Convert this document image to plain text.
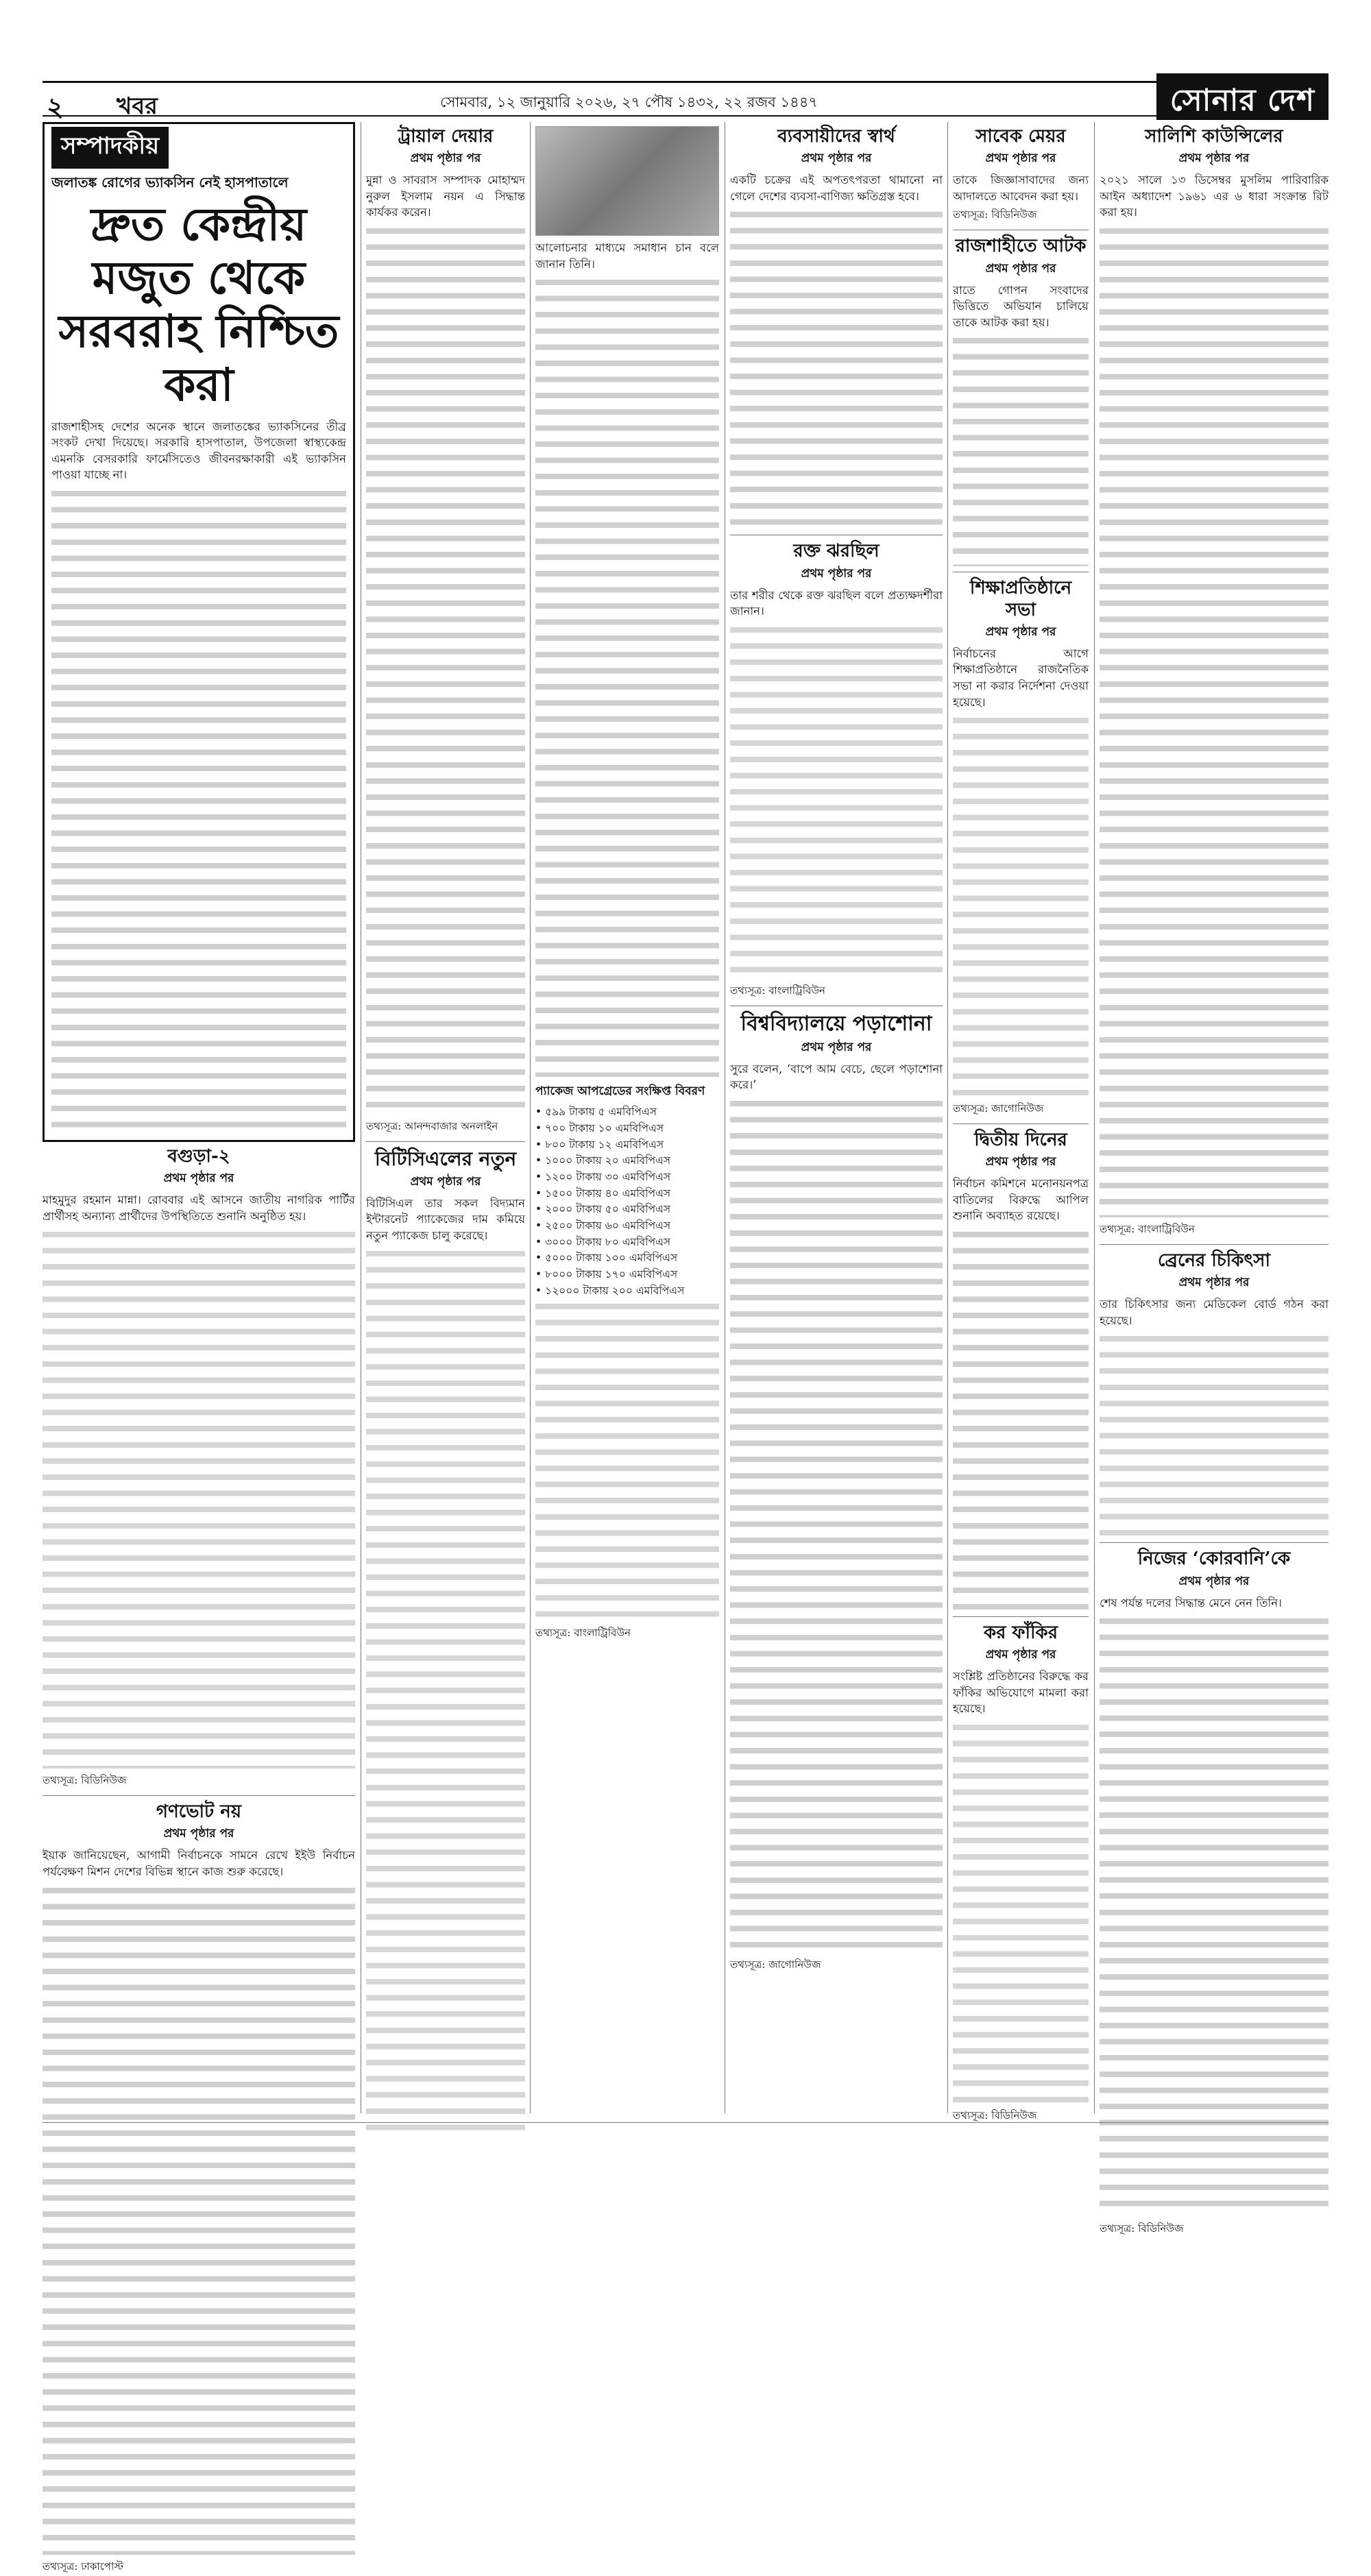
২ খবর	সোমবার, ১২ জানুয়ারি ২০২৬, ২৭ পৌষ ১৪৩২, ২২ রজব ১৪৪৭	সোনার দেশ
সম্পাদকীয়
জলাতঙ্ক রোগের ভ্যাকসিন নেই হাসপাতালে
দ্রুত কেন্দ্রীয় মজুত থেকে সরবরাহ নিশ্চিত করা

রাজশাহীসহ দেশের অনেক স্থানে জলাতঙ্কের ভ্যাকসিনের তীব্র সংকট দেখা দিয়েছে। সরকারি হাসপাতাল, উপজেলা স্বাস্থ্যকেন্দ্র এমনকি বেসরকারি ফার্মেসিতেও জীবনরক্ষাকারী এই ভ্যাকসিন পাওয়া যাচ্ছে না।

বগুড়া-২
প্রথম পৃষ্ঠার পর

মাহমুদুর রহমান মান্না। রোববার এই আসনে জাতীয় নাগরিক পার্টির প্রার্থীসহ অন্যান্য প্রার্থীদের উপস্থিতিতে শুনানি অনুষ্ঠিত হয়।

তথ্যসূত্র: বিডিনিউজ
গণভোট নয়
প্রথম পৃষ্ঠার পর

ইয়াক জানিয়েছেন, আগামী নির্বাচনকে সামনে রেখে ইইউ নির্বাচন পর্যবেক্ষণ মিশন দেশের বিভিন্ন স্থানে কাজ শুরু করেছে।

তথ্যসূত্র: ঢাকাপোস্ট
ট্রায়াল দেয়ার
প্রথম পৃষ্ঠার পর

মুন্না ও সাবরাস সম্পাদক মোহাম্মদ নুরুল ইসলাম নয়ন এ সিদ্ধান্ত কার্যকর করেন।

তথ্যসূত্র: আনন্দবাজার অনলাইন
বিটিসিএলের নতুন
প্রথম পৃষ্ঠার পর

বিটিসিএল তার সকল বিদ্যমান ইন্টারনেট প্যাকেজের দাম কমিয়ে নতুন প্যাকেজ চালু করেছে।

আলোচনার মাধ্যমে সমাধান চান বলে জানান তিনি।

প্যাকেজ আপগ্রেডের সংক্ষিপ্ত বিবরণ
• ৫৯৯ টাকায় ৫ এমবিপিএস
• ৭০০ টাকায় ১০ এমবিপিএস
• ৮০০ টাকায় ১২ এমবিপিএস
• ১০০০ টাকায় ২০ এমবিপিএস
• ১২০০ টাকায় ৩০ এমবিপিএস
• ১৫০০ টাকায় ৪০ এমবিপিএস
• ২০০০ টাকায় ৫০ এমবিপিএস
• ২৫০০ টাকায় ৬০ এমবিপিএস
• ৩০০০ টাকায় ৮০ এমবিপিএস
• ৫০০০ টাকায় ১০০ এমবিপিএস
• ৮০০০ টাকায় ১৭০ এমবিপিএস
• ১২০০০ টাকায় ২০০ এমবিপিএস
তথ্যসূত্র: বাংলাট্রিবিউন
ব্যবসায়ীদের স্বার্থ
প্রথম পৃষ্ঠার পর

একটি চক্রের এই অপতৎপরতা থামানো না গেলে দেশের ব্যবসা-বাণিজ্য ক্ষতিগ্রস্ত হবে।

রক্ত ঝরছিল
প্রথম পৃষ্ঠার পর

তার শরীর থেকে রক্ত ঝরছিল বলে প্রত্যক্ষদর্শীরা জানান।

তথ্যসূত্র: বাংলাট্রিবিউন
বিশ্ববিদ্যালয়ে পড়াশোনা
প্রথম পৃষ্ঠার পর

সুরে বলেন, ‘বাপে আম বেচে, ছেলে পড়াশোনা করে।’

তথ্যসূত্র: জাগোনিউজ
সাবেক মেয়র
প্রথম পৃষ্ঠার পর

তাকে জিজ্ঞাসাবাদের জন্য আদালতে আবেদন করা হয়।

তথ্যসূত্র: বিডিনিউজ
রাজশাহীতে আটক
প্রথম পৃষ্ঠার পর

রাতে গোপন সংবাদের ভিত্তিতে অভিযান চালিয়ে তাকে আটক করা হয়।

শিক্ষাপ্রতিষ্ঠানে সভা
প্রথম পৃষ্ঠার পর

নির্বাচনের আগে শিক্ষাপ্রতিষ্ঠানে রাজনৈতিক সভা না করার নির্দেশনা দেওয়া হয়েছে।

তথ্যসূত্র: জাগোনিউজ
দ্বিতীয় দিনের
প্রথম পৃষ্ঠার পর

নির্বাচন কমিশনে মনোনয়নপত্র বাতিলের বিরুদ্ধে আপিল শুনানি অব্যাহত রয়েছে।

কর ফাঁকির
প্রথম পৃষ্ঠার পর

সংশ্লিষ্ট প্রতিষ্ঠানের বিরুদ্ধে কর ফাঁকির অভিযোগে মামলা করা হয়েছে।

তথ্যসূত্র: বিডিনিউজ
সালিশি কাউন্সিলের
প্রথম পৃষ্ঠার পর

২০২১ সালে ১৩ ডিসেম্বর মুসলিম পারিবারিক আইন অধ্যাদেশ ১৯৬১ এর ৬ ধারা সংক্রান্ত রিট করা হয়।

তথ্যসূত্র: বাংলাট্রিবিউন
ব্রেনের চিকিৎসা
প্রথম পৃষ্ঠার পর

তার চিকিৎসার জন্য মেডিকেল বোর্ড গঠন করা হয়েছে।

নিজের ‘কোরবানি’কে
প্রথম পৃষ্ঠার পর

শেষ পর্যন্ত দলের সিদ্ধান্ত মেনে নেন তিনি।

তথ্যসূত্র: বিডিনিউজ
